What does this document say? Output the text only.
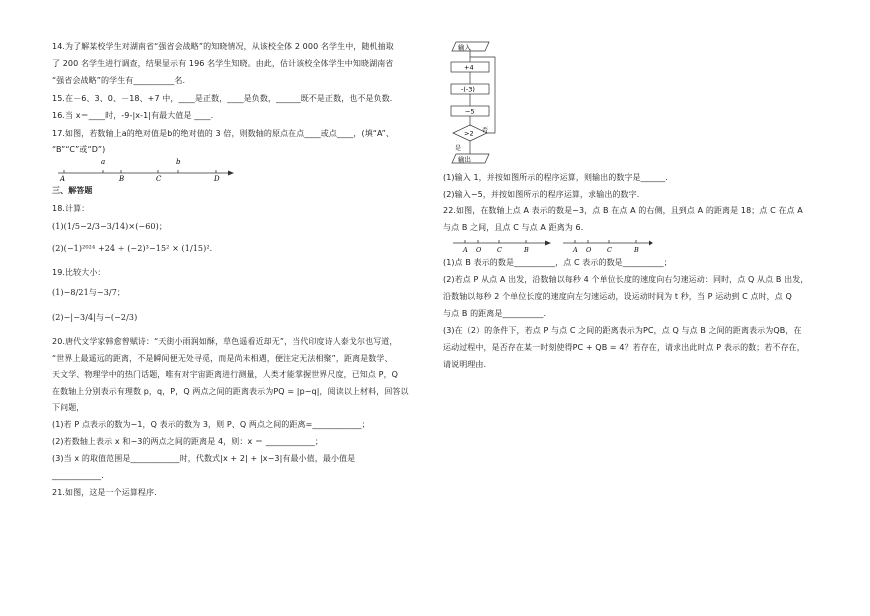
14.为了解某校学生对湖南省“强省会战略”的知晓情况，从该校全体 2 000 名学生中，随机抽取
了 200 名学生进行调查，结果显示有 196 名学生知晓。由此，估计该校全体学生中知晓湖南省
“强省会战略”的学生有__________名.
15.在－6、3、0、－18、+7 中，____是正数，____是负数，______既不是正数，也不是负数.
16.当 x＝____时，-9-|x-1|有最大值是 ____.
17.如图，若数轴上a的绝对值是b的绝对值的 3 倍，则数轴的原点在点____或点____，(填“A”、
“B”“C”或“D”)
a	b
A	B	C	D
三、解答题
18.计算：
(1)(1/5−2/3−3/14)×(−60)；
(2)(−1)²⁰²⁴ +24 ÷ (−2)³−15² × (1/15)².
19.比较大小：
(1)−8/21与−3/7；
(2)−|−3/4|与−(−2/3)
20.唐代文学家韩愈曾赋诗：“天街小雨润如酥，草色遥看近却无”，当代印度诗人泰戈尔也写道，
“世界上最遥远的距离，不是瞬间便无处寻觅，而是尚未相遇，便注定无法相聚”，距离是数学、
天文学、物理学中的热门话题，唯有对宇宙距离进行测量，人类才能掌握世界尺度，已知点 P，Q
在数轴上分别表示有理数 p，q，P，Q 两点之间的距离表示为PQ = |p−q|，阅读以上材料，回答以
下问题，
(1)若 P 点表示的数为−1，Q 表示的数为 3，则 P、Q 两点之间的距离=____________；
(2)若数轴上表示 x 和−3的两点之间的距离是 4，则：x ＝ ____________；
(3)当 x 的取值范围是____________时，代数式|x + 2| + |x−3|有最小值，最小值是
____________.
21.如图，这是一个运算程序.
输入
+4
-(-3)
−5
>2 否
是
输出
(1)输入 1，并按如图所示的程序运算，则输出的数字是______.
(2)输入−5，并按如图所示的程序运算，求输出的数字.
22.如图，在数轴上点 A 表示的数是−3，点 B 在点 A 的右侧，且到点 A 的距离是 18；点 C 在点 A
与点 B 之间，且点 C 与点 A 距离为 6.
A O C	B	A O C	B
(1)点 B 表示的数是__________，点 C 表示的数是__________；
(2)若点 P 从点 A 出发，沿数轴以每秒 4 个单位长度的速度向右匀速运动：同时，点 Q 从点 B 出发，
沿数轴以每秒 2 个单位长度的速度向左匀速运动，设运动时间为 t 秒，当 P 运动到 C 点时，点 Q
与点 B 的距离是__________.
(3)在（2）的条件下，若点 P 与点 C 之间的距离表示为PC，点 Q 与点 B 之间的距离表示为QB，在
运动过程中，是否存在某一时刻使得PC + QB = 4？若存在，请求出此时点 P 表示的数；若不存在，
请说明理由.
